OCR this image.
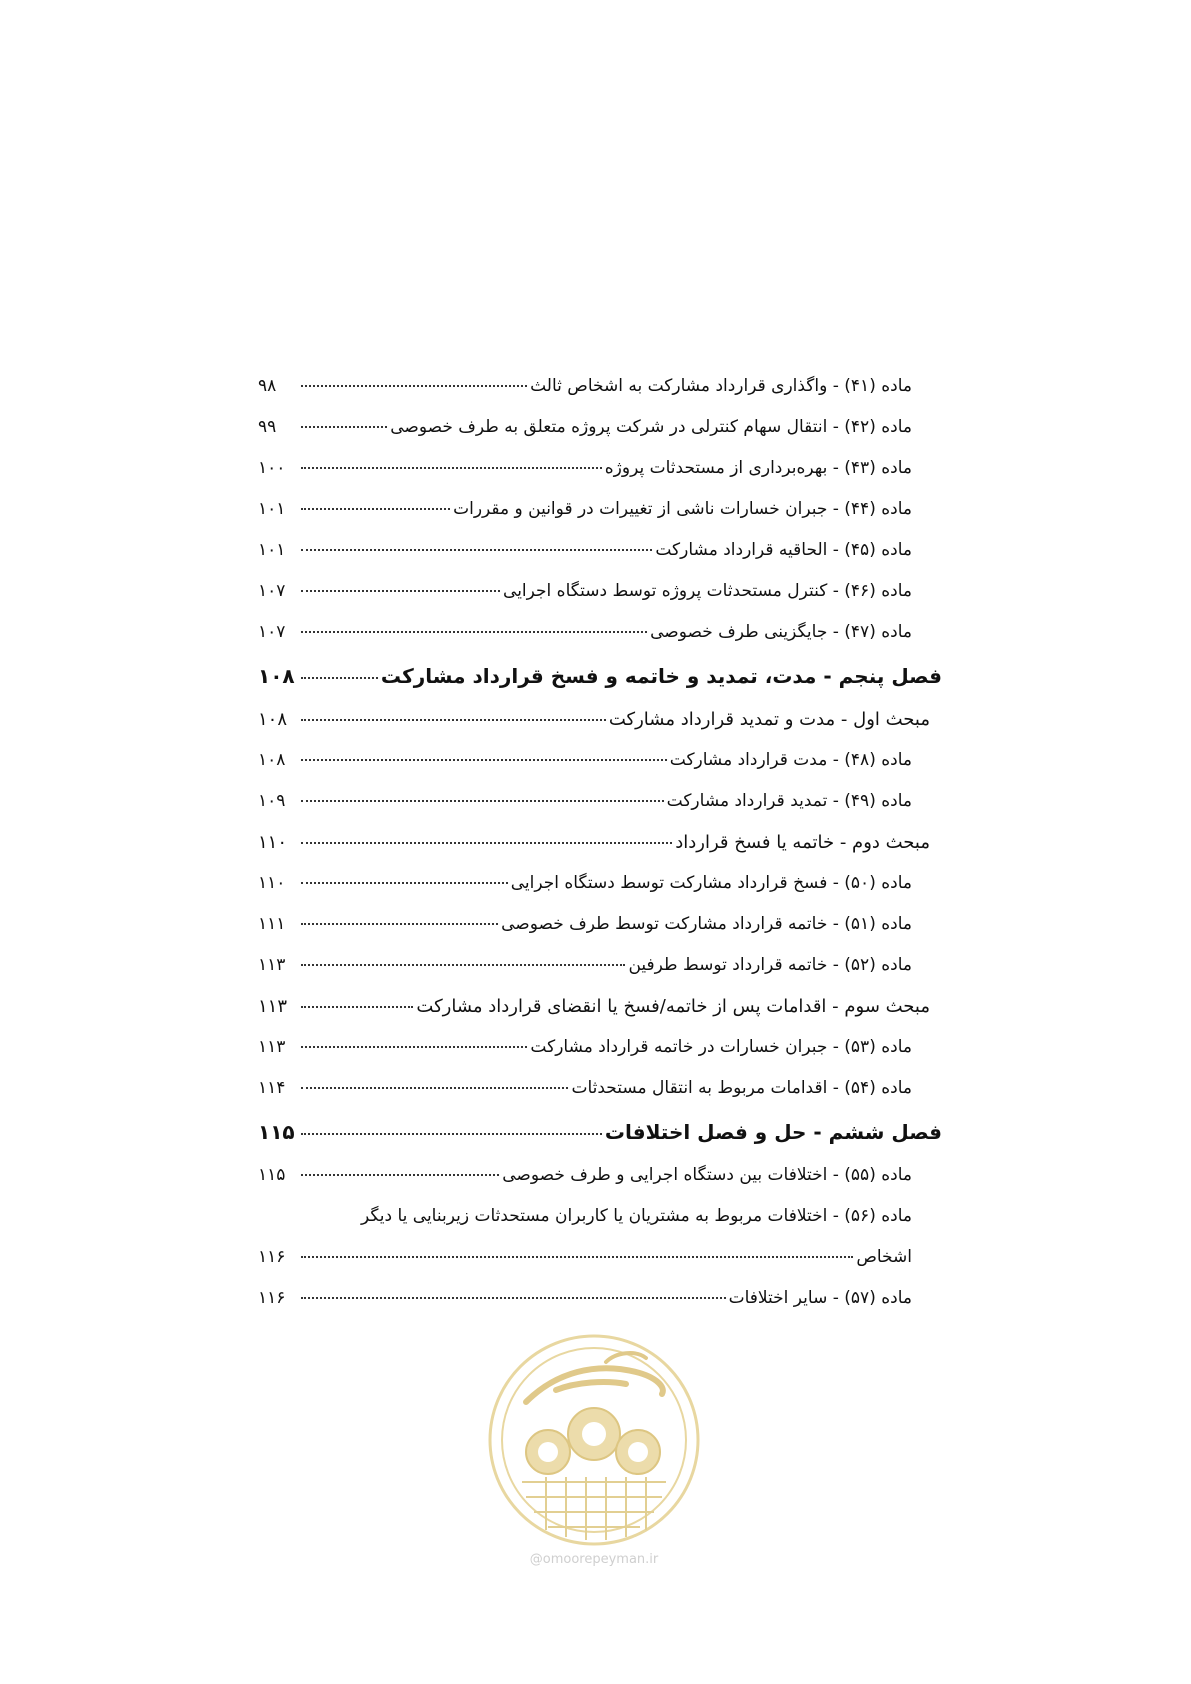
ماده (۴۱) - واگذاری قرارداد مشارکت به اشخاص ثالث
۹۸
ماده (۴۲) - انتقال سهام کنترلی در شرکت پروژه متعلق به طرف خصوصی
۹۹
ماده (۴۳) - بهره‌برداری از مستحدثات پروژه
۱۰۰
ماده (۴۴) - جبران خسارات ناشی از تغییرات در قوانین و مقررات
۱۰۱
ماده (۴۵) - الحاقیه قرارداد مشارکت
۱۰۱
ماده (۴۶) - کنترل مستحدثات پروژه توسط دستگاه اجرایی
۱۰۷
ماده (۴۷) - جایگزینی طرف خصوصی
۱۰۷
فصل پنجم - مدت، تمدید و خاتمه و فسخ قرارداد مشارکت
۱۰۸
مبحث اول - مدت و تمدید قرارداد مشارکت
۱۰۸
ماده (۴۸) - مدت قرارداد مشارکت
۱۰۸
ماده (۴۹) - تمدید قرارداد مشارکت
۱۰۹
مبحث دوم - خاتمه یا فسخ قرارداد
۱۱۰
ماده (۵۰) - فسخ قرارداد مشارکت توسط دستگاه اجرایی
۱۱۰
ماده (۵۱) - خاتمه قرارداد مشارکت توسط طرف خصوصی
۱۱۱
ماده (۵۲) - خاتمه قرارداد توسط طرفین
۱۱۳
مبحث سوم - اقدامات پس از خاتمه/فسخ یا انقضای قرارداد مشارکت
۱۱۳
ماده (۵۳) - جبران خسارات در خاتمه قرارداد مشارکت
۱۱۳
ماده (۵۴) - اقدامات مربوط به انتقال مستحدثات
۱۱۴
فصل ششم - حل و فصل اختلافات
۱۱۵
ماده (۵۵) - اختلافات بین دستگاه اجرایی و طرف خصوصی
۱۱۵
ماده (۵۶) - اختلافات مربوط به مشتریان یا کاربران مستحدثات زیربنایی یا دیگر
اشخاص
۱۱۶
ماده (۵۷) - سایر اختلافات
۱۱۶
امورپیمان
@omoorepeyman.ir
